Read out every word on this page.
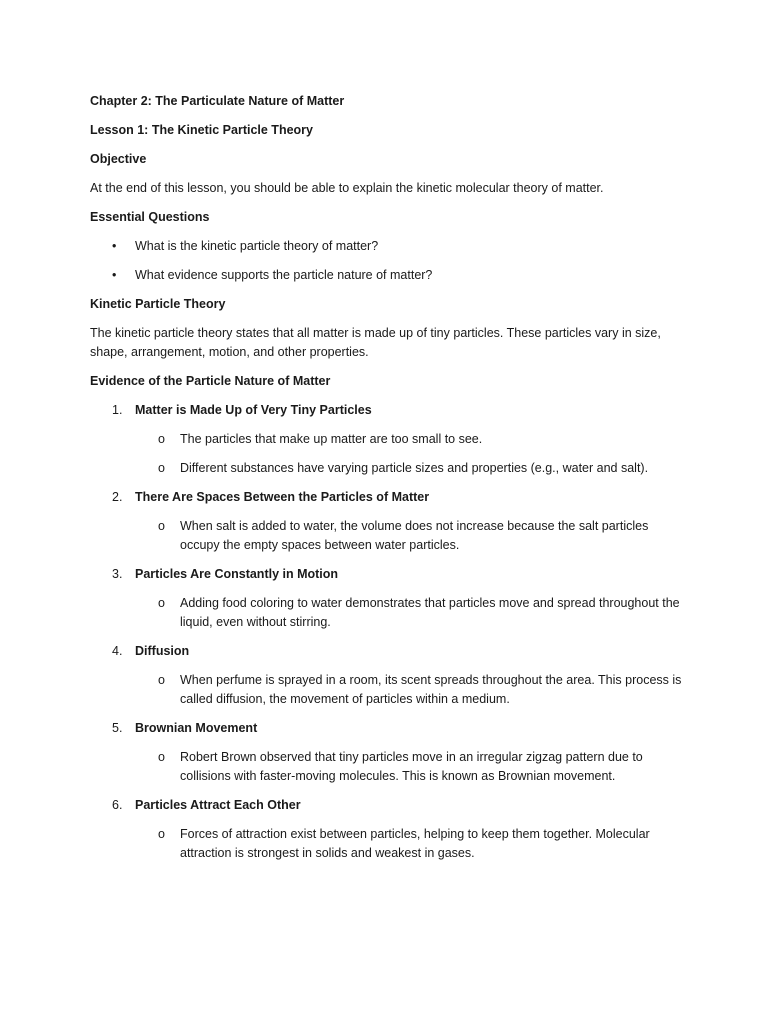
Chapter 2: The Particulate Nature of Matter

Lesson 1: The Kinetic Particle Theory

Objective

At the end of this lesson, you should be able to explain the kinetic molecular theory of matter.

Essential Questions

• What is the kinetic particle theory of matter?
• What evidence supports the particle nature of matter?

Kinetic Particle Theory

The kinetic particle theory states that all matter is made up of tiny particles. These particles vary in size, shape, arrangement, motion, and other properties.

Evidence of the Particle Nature of Matter

1. Matter is Made Up of Very Tiny Particles
o The particles that make up matter are too small to see.
o Different substances have varying particle sizes and properties (e.g., water and salt).
2. There Are Spaces Between the Particles of Matter
o When salt is added to water, the volume does not increase because the salt particles occupy the empty spaces between water particles.
3. Particles Are Constantly in Motion
o Adding food coloring to water demonstrates that particles move and spread throughout the liquid, even without stirring.
4. Diffusion
o When perfume is sprayed in a room, its scent spreads throughout the area. This process is called diffusion, the movement of particles within a medium.
5. Brownian Movement
o Robert Brown observed that tiny particles move in an irregular zigzag pattern due to collisions with faster-moving molecules. This is known as Brownian movement.
6. Particles Attract Each Other
o Forces of attraction exist between particles, helping to keep them together. Molecular attraction is strongest in solids and weakest in gases.
